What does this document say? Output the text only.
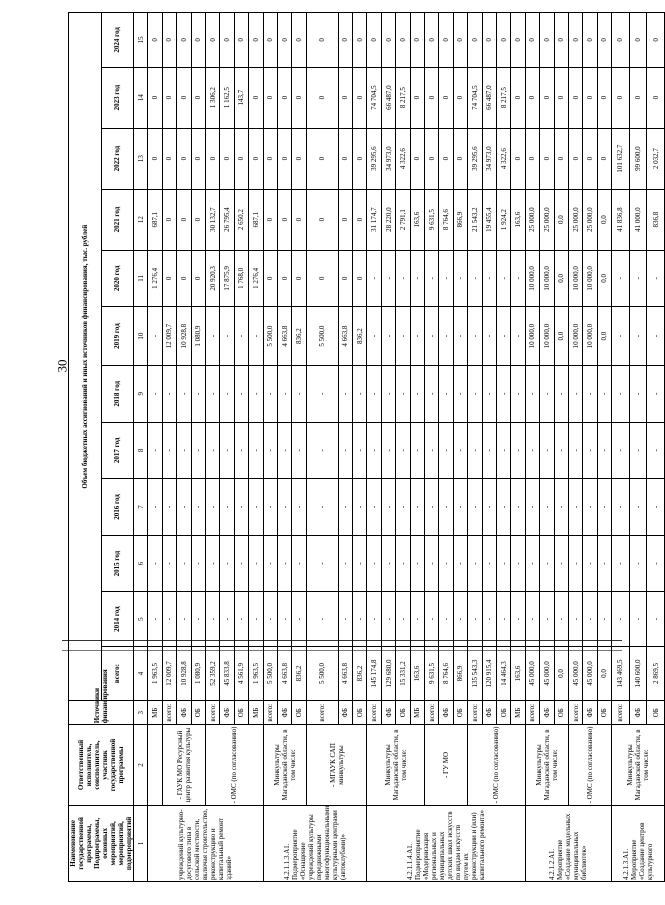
30
Наименование государственной программы, Подпрограммы, основных мероприятий, мероприятий, подмероприятий	Ответственный исполнитель, соисполнитель, участник государственной программы	Источники финансирования	Объем бюджетных ассигнований и иных источников финансирования, тыс. рублей											
			всего:	2014 год	2015 год	2016 год	2017 год	2018 год	2019 год	2020 год	2021 год	2022 год	2023 год	2024 год
1	2	3	4	5	6	7	8	9	10	11	12	13	14	15
учреждений культурно-досугового типа в сельской местности, включая строительство, реконструкцию и капитальный ремонт зданий»		МБ	1 963,5	-	-	-	-	-	-	1 276,4	687,1	0	0	0
	- ГАУК МО Ресурсный центр развития культуры	всего:	12 009,7	-	-	-	-	-	12 009,7	0	0	0	0	0
		ФБ	10 928,8	-	-	-	-	-	10 928,8	0	0	0	0	0
		ОБ	1 080,9	-	-	-	-	-	1 080,9	0	0	0	0	0
	- ОМС (по согласованию)	всего:	52 359,2	-	-	-	-	-	-	20 920,3	30 132,7	0	1 306,2	0
		ФБ	45 833,8	-	-	-	-	-	-	17 875,9	26 795,4	0	1 162,5	0
		ОБ	4 561,9	-	-	-	-	-	-	1 768,0	2 650,2	0	143,7	0
		МБ	1 963,5	-	-	-	-	-	-	1 276,4	687,1	0	0	0
4.2.1.1.3.А1. Подмероприятие «Оснащение учреждений культуры передвижными многофункциональными культурными центрами (автоклубами)»	Минкультуры Магаданской области, в том числе:	всего:	5 500,0	-	-	-	-	-	5 500,0	0	0	0	0	0
		ФБ	4 663,8	-	-	-	-	-	4 663,8	0	0	0	0	0
		ОБ	836,2	-	-	-	-	-	836,2	0	0	0	0	0
	- МГАУК САП минкультуры	всего:	5 500,0	-	-	-	-	-	5 500,0	0	0	0	0	0
		ФБ	4 663,8	-	-	-	-	-	4 663,8	0	0	0	0	0
		ОБ	836,2	-	-	-	-	-	836,2	0	0	0	0	0
4.2.1.1.4.А1. Подмероприятие «Модернизация региональных и муниципальных детских школ искусств по видам искусств путем их реконструкции и (или) капитального ремонта»	Минкультуры Магаданской области, в том числе:	всего:	145 174,8	-	-	-	-	-	-	-	31 174,7	39 295,6	74 704,5	0
		ФБ	129 680,0	-	-	-	-	-	-	-	28 220,0	34 973,0	66 487,0	0
		ОБ	15 331,2	-	-	-	-	-	-	-	2 791,1	4 322,6	8 217,5	0
		МБ	163,6	-	-	-	-	-	-	-	163,6	0	0	0
	- ГУ МО	всего:	9 631,5	-	-	-	-	-	-	-	9 631,5	0	0	0
		ФБ	8 764,6	-	-	-	-	-	-	-	8 764,6	0	0	0
		ОБ	866,9	-	-	-	-	-	-	-	866,9	0	0	0
	- ОМС (по согласованию)	всего:	135 543,3	-	-	-	-	-	-	-	21 543,2	39 295,6	74 704,5	0
		ФБ	120 915,4	-	-	-	-	-	-	-	19 455,4	34 973,0	66 487,0	0
		ОБ	14 464,3	-	-	-	-	-	-	-	1 924,2	4 322,6	8 217,5	0
		МБ	163,6	-	-	-	-	-	-	-	163,6	0	0	0
4.2.1.2.А1. Мероприятие «Создание модельных муниципальных библиотек»	Минкультуры Магаданской области, в том числе:	всего:	45 000,0	-	-	-	-	-	10 000,0	10 000,0	25 000,0	0	0	0
		ФБ	45 000,0	-	-	-	-	-	10 000,0	10 000,0	25 000,0	0	0	0
		ОБ	0,0	-	-	-	-	-	0,0	0,0	0,0	0	0	0
	- ОМС (по согласованию)	всего:	45 000,0	-	-	-	-	-	10 000,0	10 000,0	25 000,0	0	0	0
		ФБ	45 000,0	-	-	-	-	-	10 000,0	10 000,0	25 000,0	0	0	0
		ОБ	0,0	-	-	-	-	-	0,0	0,0	0,0	0	0	0
4.2.1.3.А1. Мероприятие «Создание центров культурного	Минкультуры Магаданской области, в том числе:	всего:	143 469,5	-	-	-	-	-	-	-	41 836,8	101 632,7	0	0
		ФБ	140 600,0	-	-	-	-	-	-	-	41 000,0	99 600,0	0	0
		ОБ	2 869,5	-	-	-	-	-	-	-	836,8	2 032,7	0	0
